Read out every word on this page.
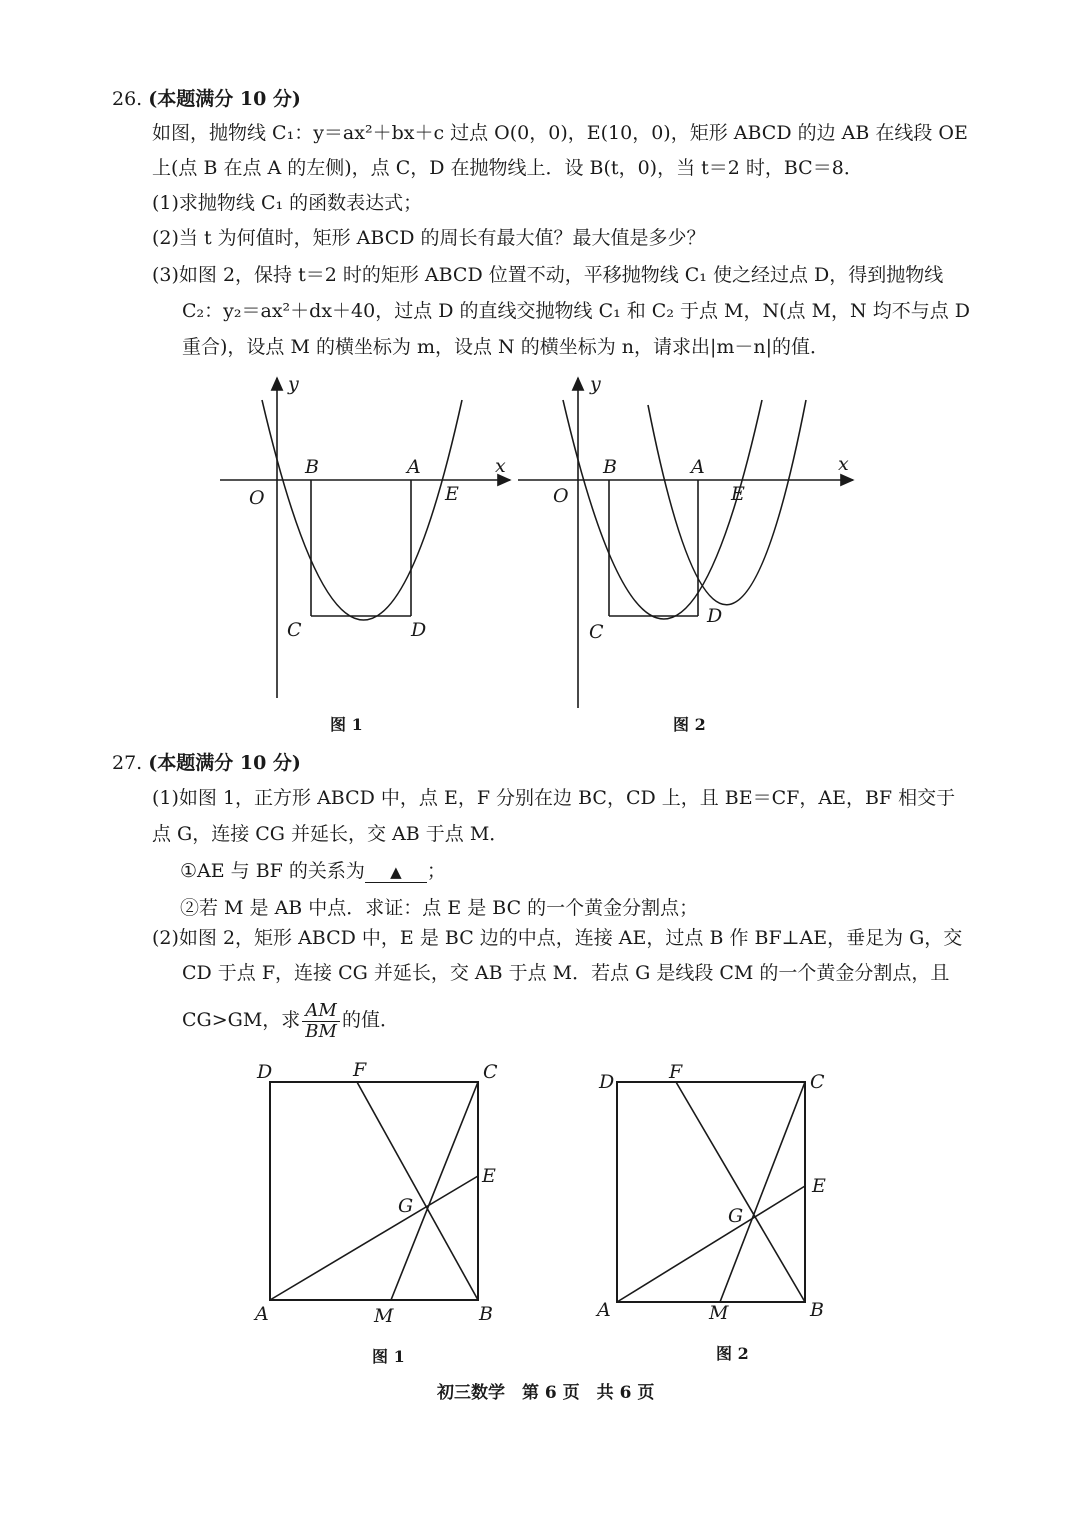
26. (本题满分 10 分)
如图，抛物线 C₁：y＝ax²＋bx＋c 过点 O(0，0)，E(10，0)，矩形 ABCD 的边 AB 在线段 OE
上(点 B 在点 A 的左侧)，点 C，D 在抛物线上．设 B(t，0)，当 t＝2 时，BC＝8．
(1)求抛物线 C₁ 的函数表达式；
(2)当 t 为何值时，矩形 ABCD 的周长有最大值？最大值是多少？
(3)如图 2，保持 t＝2 时的矩形 ABCD 位置不动，平移抛物线 C₁ 使之经过点 D，得到抛物线
C₂：y₂＝ax²＋dx＋40，过点 D 的直线交抛物线 C₁ 和 C₂ 于点 M，N(点 M，N 均不与点 D
重合)，设点 M 的横坐标为 m，设点 N 的横坐标为 n，请求出|m－n|的值．
y
x
O
B	A
E
C	D
图 1
y
x
O
B	A
E
C
D
图 2
27. (本题满分 10 分)
(1)如图 1，正方形 ABCD 中，点 E，F 分别在边 BC，CD 上，且 BE＝CF，AE，BF 相交于
点 G，连接 CG 并延长，交 AB 于点 M．
①AE 与 BF 的关系为 ▲ ；
②若 M 是 AB 中点．求证：点 E 是 BC 的一个黄金分割点；
(2)如图 2，矩形 ABCD 中，E 是 BC 边的中点，连接 AE，过点 B 作 BF⊥AE，垂足为 G，交
CD 于点 F，连接 CG 并延长，交 AB 于点 M．若点 G 是线段 CM 的一个黄金分割点，且
CG>GM，求 $\frac{AM}{BM}$ 的值．
D	F	C
E
G
A	M	B
图 1
D	F	C
E
G
A	M	B
图 2
初三数学　第 6 页　共 6 页
